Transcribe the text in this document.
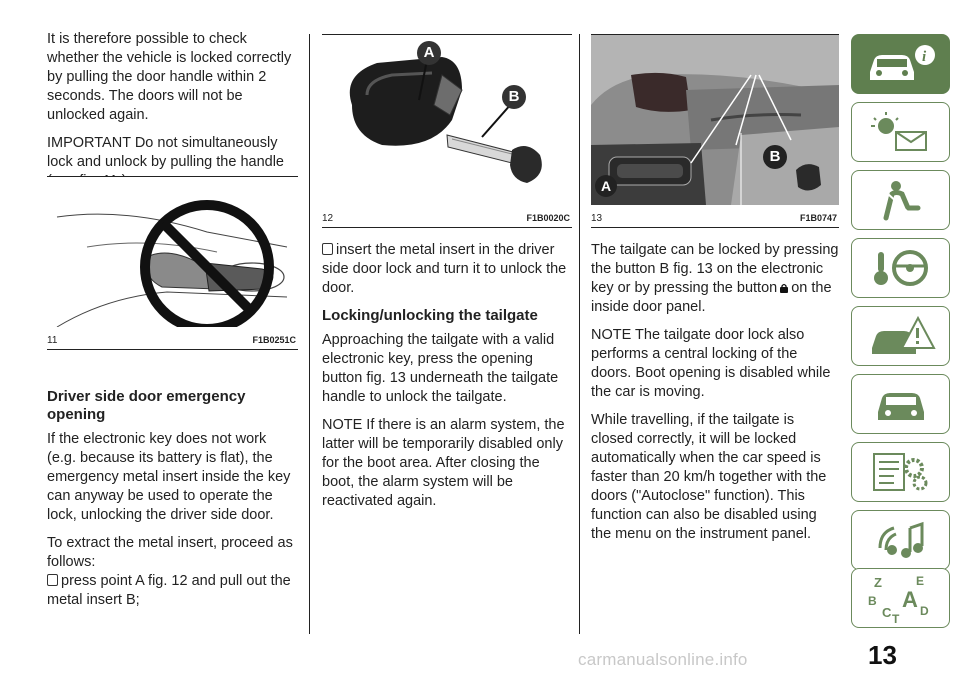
It is therefore possible to check whether the vehicle is locked correctly by pulling the door handle within 2 seconds. The doors will not be unlocked again.

IMPORTANT Do not simultaneously lock and unlock by pulling the handle

11	F1B0251C
Driver side door emergency opening

If the electronic key does not work (e.g. because its battery is flat), the emergency metal insert inside the key can anyway be used to operate the lock, unlocking the driver side door.

To extract the metal insert, proceed as follows:

press point A fig. 12 and pull out the metal insert B;

A
B
12	F1B0020C

insert the metal insert in the driver side door lock and turn it to unlock the door.

Locking/unlocking the tailgate

Approaching the tailgate with a valid electronic key, press the opening button fig. 13 underneath the tailgate handle to unlock the tailgate.

NOTE If there is an alarm system, the latter will be temporarily disabled only for the boot area. After closing the boot, the alarm system will be reactivated again.

A
B
13	F1B0747

The tailgate can be locked by pressing the button B fig. 13 on the electronic key or by pressing the button on the inside door panel.

NOTE The tailgate door lock also performs a central locking of the doors. Boot opening is disabled while the car is moving.

While travelling, if the tailgate is closed correctly, it will be locked automatically when the car speed is faster than 20 km/h together with the doors ("Autoclose" function). This function can also be disabled using the menu on the instrument panel.

i
Z	E
B A
C D
T
13
carmanualsonline.info
